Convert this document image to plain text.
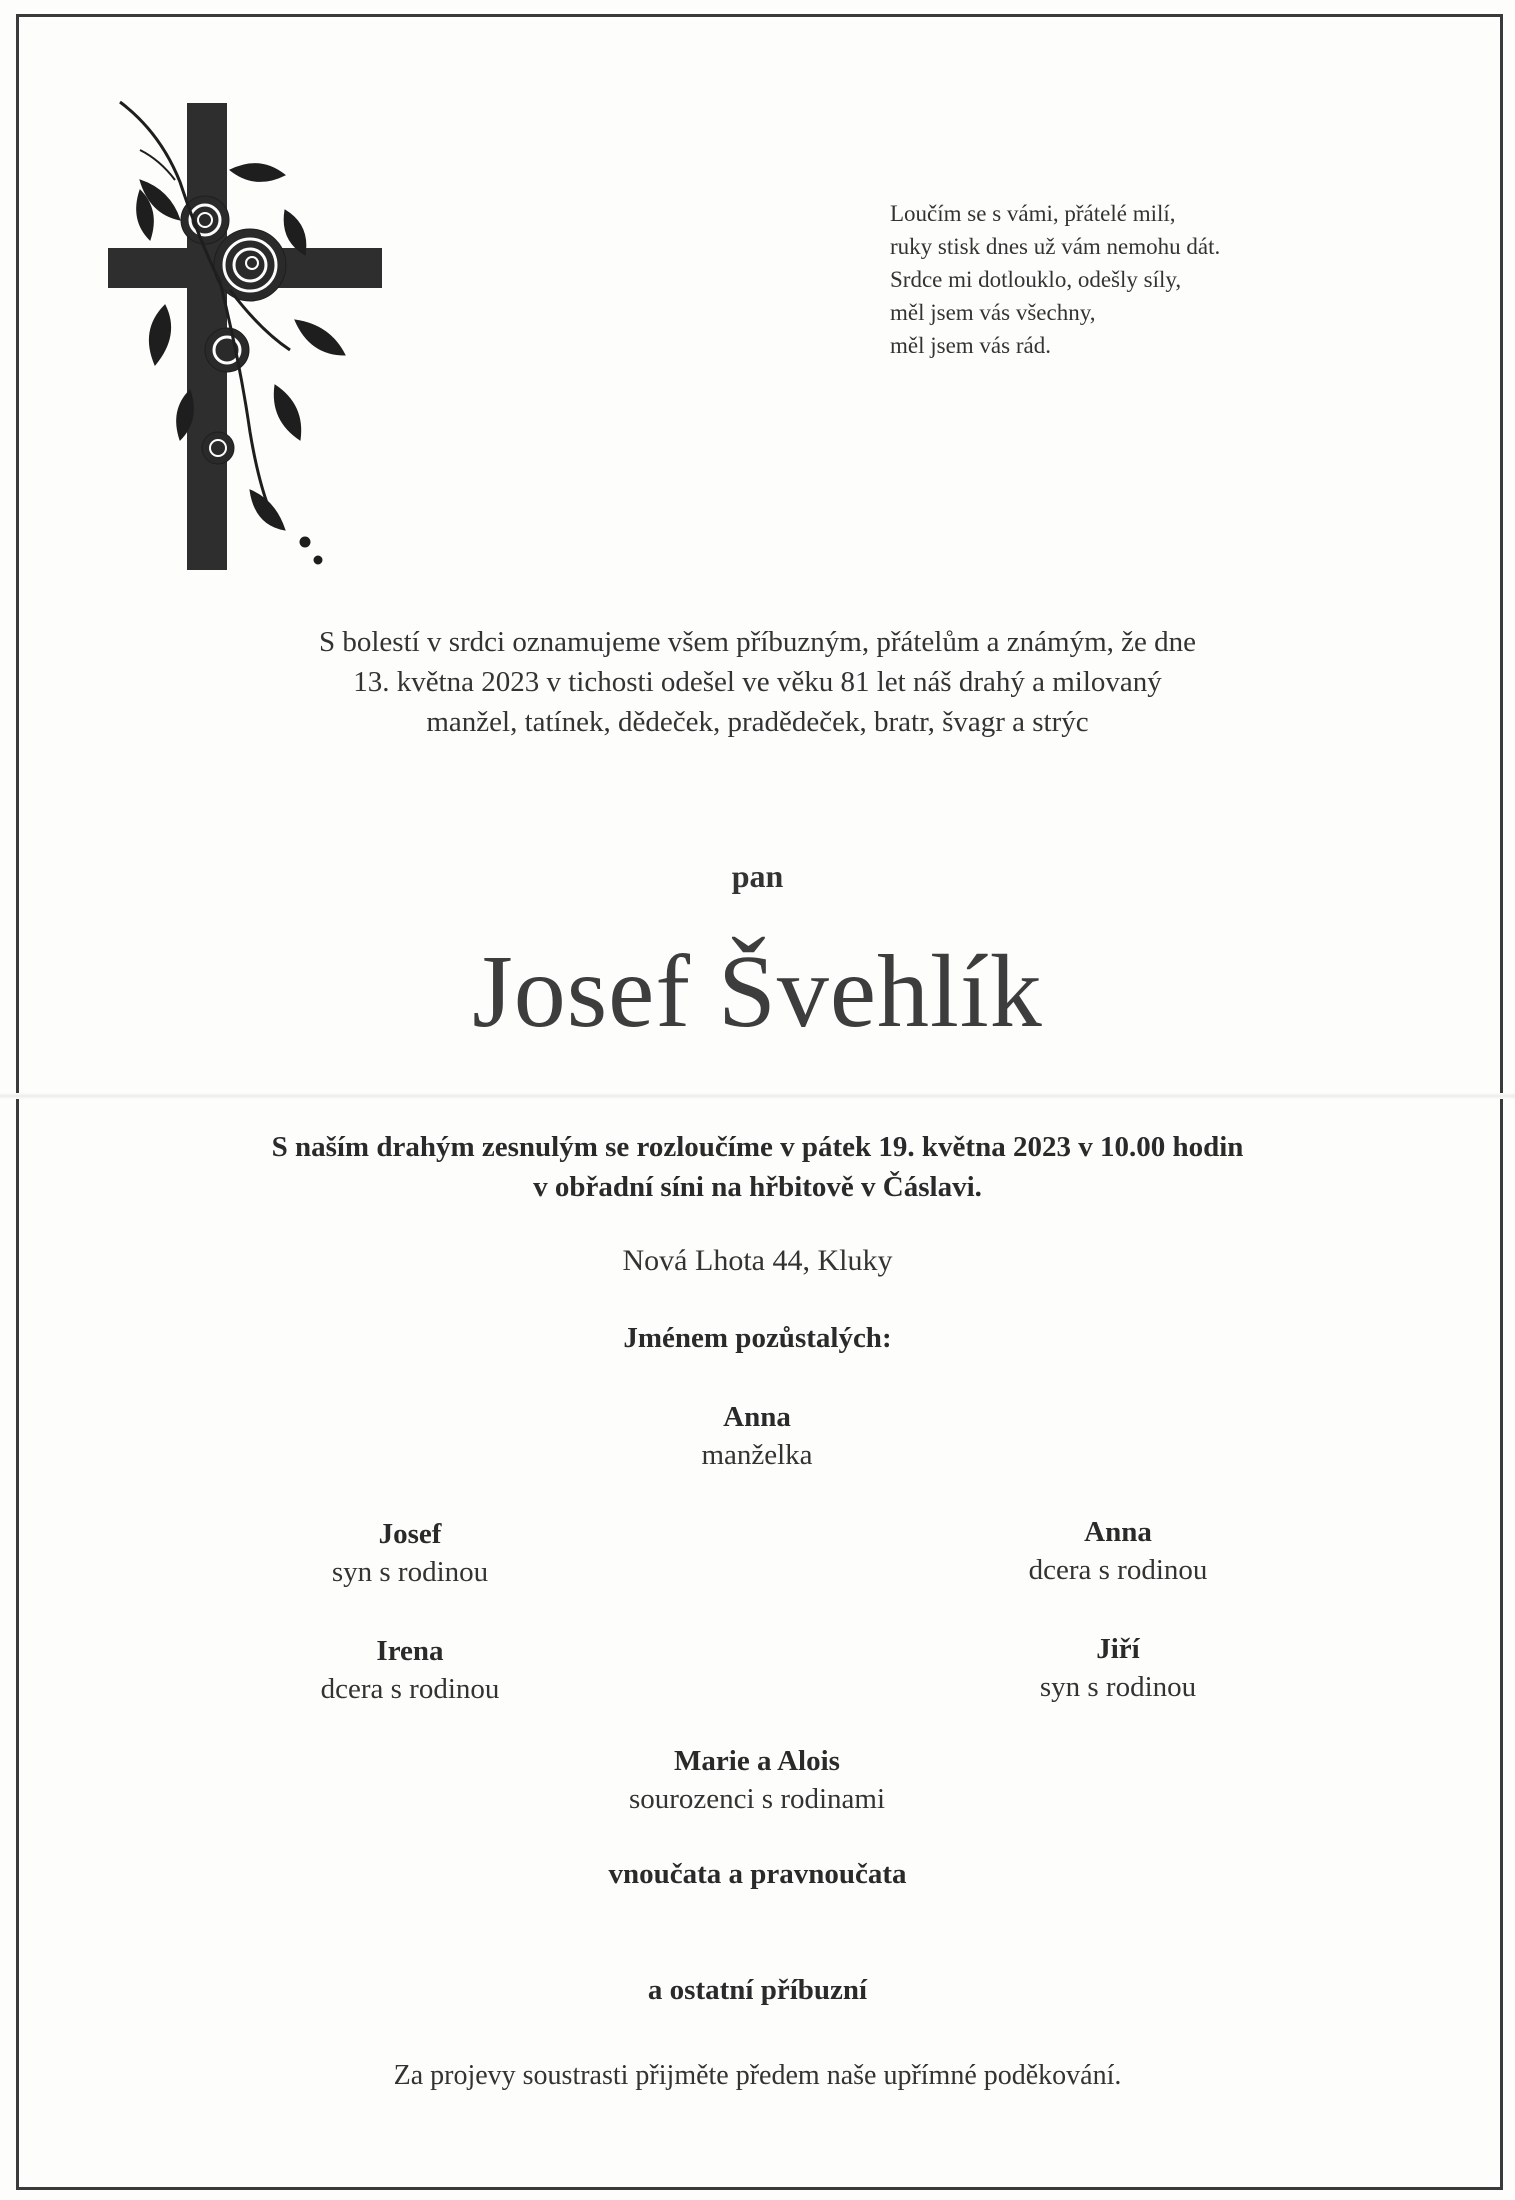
Loučím se s vámi, přátelé milí,
ruky stisk dnes už vám nemohu dát.
Srdce mi dotlouklo, odešly síly,
měl jsem vás všechny,
měl jsem vás rád.
S bolestí v srdci oznamujeme všem příbuzným, přátelům a známým, že dne
13. května 2023 v tichosti odešel ve věku 81 let náš drahý a milovaný
manžel, tatínek, dědeček, pradědeček, bratr, švagr a strýc
pan
Josef Švehlík
S naším drahým zesnulým se rozloučíme v pátek 19. května 2023 v 10.00 hodin
v obřadní síni na hřbitově v Čáslavi.
Nová Lhota 44, Kluky
Jménem pozůstalých:
Anna
manželka
Josef
syn s rodinou
Anna
dcera s rodinou
Irena
dcera s rodinou
Jiří
syn s rodinou
Marie a Alois
sourozenci s rodinami
vnoučata a pravnoučata
a ostatní příbuzní
Za projevy soustrasti přijměte předem naše upřímné poděkování.
